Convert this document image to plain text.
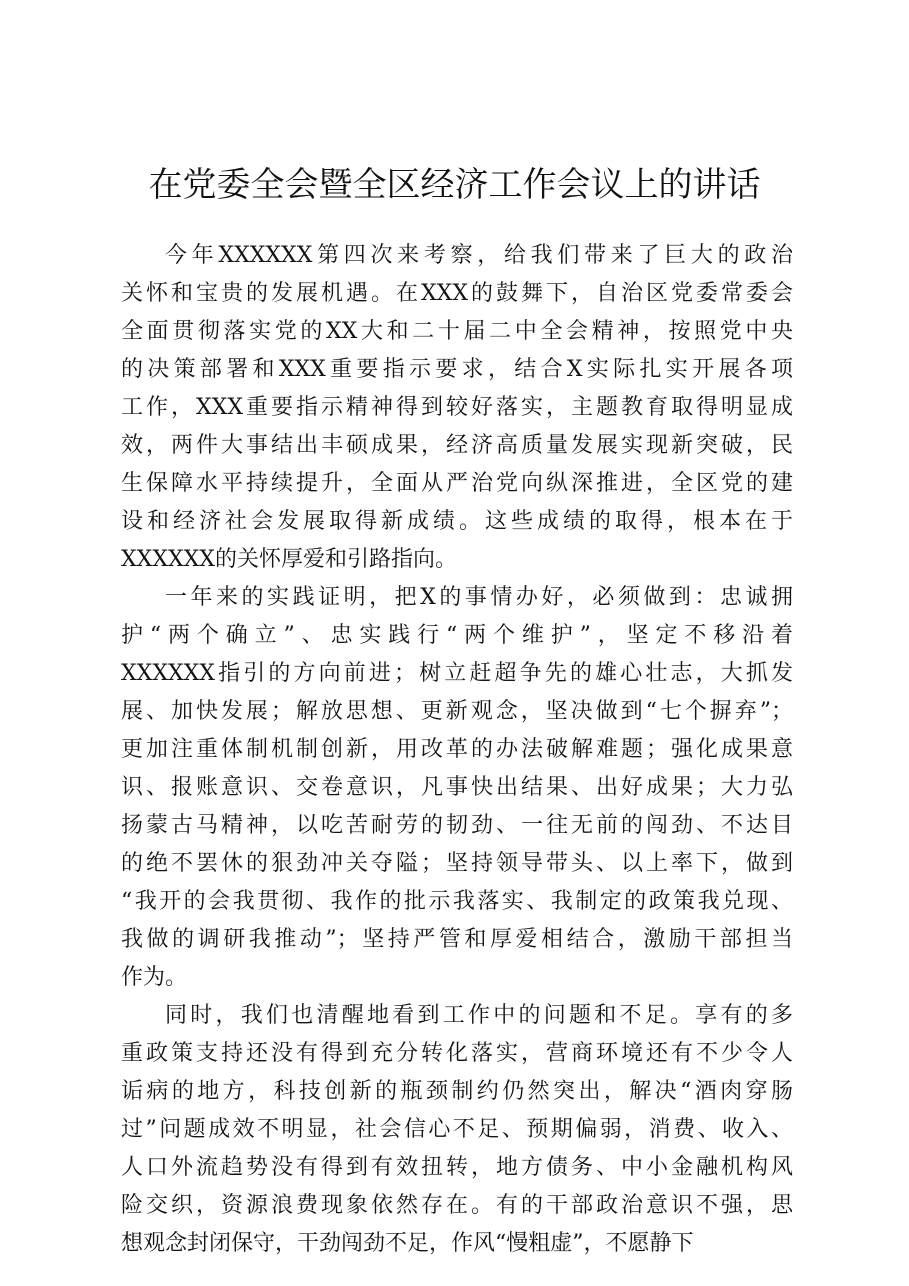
在党委全会暨全区经济工作会议上的讲话
今年XXXXXX第四次来考察，给我们带来了巨大的政治
关怀和宝贵的发展机遇。在XXX的鼓舞下，自治区党委常委会
全面贯彻落实党的XX大和二十届二中全会精神，按照党中央
的决策部署和XXX重要指示要求，结合X实际扎实开展各项
工作，XXX重要指示精神得到较好落实，主题教育取得明显成
效，两件大事结出丰硕成果，经济高质量发展实现新突破，民
生保障水平持续提升，全面从严治党向纵深推进，全区党的建
设和经济社会发展取得新成绩。这些成绩的取得，根本在于
XXXXXX的关怀厚爱和引路指向。
一年来的实践证明，把X的事情办好，必须做到：忠诚拥
护“两个确立”、忠实践行“两个维护”，坚定不移沿着
XXXXXX指引的方向前进；树立赶超争先的雄心壮志，大抓发
展、加快发展；解放思想、更新观念，坚决做到“七个摒弃”；
更加注重体制机制创新，用改革的办法破解难题；强化成果意
识、报账意识、交卷意识，凡事快出结果、出好成果；大力弘
扬蒙古马精神，以吃苦耐劳的韧劲、一往无前的闯劲、不达目
的绝不罢休的狠劲冲关夺隘；坚持领导带头、以上率下，做到
“我开的会我贯彻、我作的批示我落实、我制定的政策我兑现、
我做的调研我推动”；坚持严管和厚爱相结合，激励干部担当
作为。
同时，我们也清醒地看到工作中的问题和不足。享有的多
重政策支持还没有得到充分转化落实，营商环境还有不少令人
诟病的地方，科技创新的瓶颈制约仍然突出，解决“酒肉穿肠
过”问题成效不明显，社会信心不足、预期偏弱，消费、收入、
人口外流趋势没有得到有效扭转，地方债务、中小金融机构风
险交织，资源浪费现象依然存在。有的干部政治意识不强，思
想观念封闭保守，干劲闯劲不足，作风“慢粗虚”，不愿静下
